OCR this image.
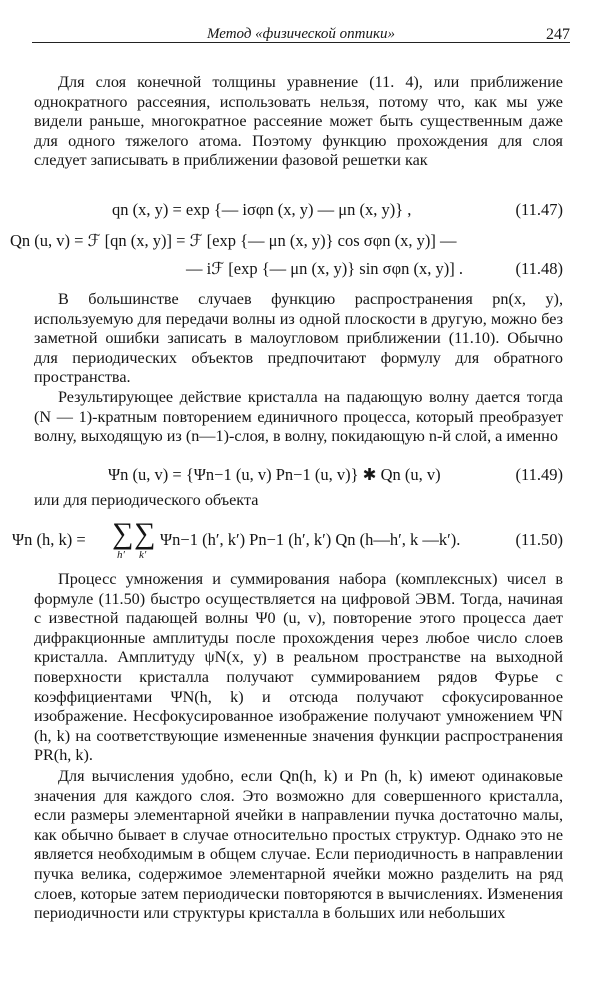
Метод «физической оптики»	247

Для слоя конечной толщины уравнение (11. 4), или приближение однократного рассеяния, использовать нельзя, потому что, как мы уже видели раньше, многократное рассеяние может быть существенным даже для одного тяжелого атома. Поэтому функцию прохождения для слоя следует записывать в приближении фазовой решетки как

qn (x, y) = exp {— iσφn (x, y) — μn (x, y)} ,	(11.47)
Qn (u, v) = ℱ [qn (x, y)] = ℱ [exp {— μn (x, y)} cos σφn (x, y)] —
— iℱ [exp {— μn (x, y)} sin σφn (x, y)] .	(11.48)

В большинстве случаев функцию распространения pn(x, y), используемую для передачи волны из одной плоскости в другую, можно без заметной ошибки записать в малоугловом приближении (11.10). Обычно для периодических объектов предпочитают формулу для обратного пространства.

Результирующее действие кристалла на падающую волну дается тогда (N — 1)-кратным повторением единичного процесса, который преобразует волну, выходящую из (n—1)-слоя, в волну, покидающую n-й слой, а именно

Ψn (u, v) = {Ψn−1 (u, v) Pn−1 (u, v)} ✱ Qn (u, v)	(11.49)

или для периодического объекта

Ψn (h, k) = ∑
h′
∑
k′
Ψn−1 (h′, k′) Pn−1 (h′, k′) Qn (h—h′, k —k′).	(11.50)

Процесс умножения и суммирования набора (комплексных) чисел в формуле (11.50) быстро осуществляется на цифровой ЭВМ. Тогда, начиная с известной падающей волны Ψ0 (u, v), повторение этого процесса дает дифракционные амплитуды после прохождения через любое число слоев кристалла. Амплитуду ψN(x, y) в реальном пространстве на выходной поверхности кристалла получают суммированием рядов Фурье с коэффициентами ΨN(h, k) и отсюда получают сфокусированное изображение. Несфокусированное изображение получают умножением ΨN (h, k) на соответствующие измененные значения функции распространения PR(h, k).

Для вычисления удобно, если Qn(h, k) и Pn (h, k) имеют одинаковые значения для каждого слоя. Это возможно для совершенного кристалла, если размеры элементарной ячейки в направлении пучка достаточно малы, как обычно бывает в случае относительно простых структур. Однако это не является необходимым в общем случае. Если периодичность в направлении пучка велика, содержимое элементарной ячейки можно разделить на ряд слоев, которые затем периодически повторяются в вычислениях. Изменения периодичности или структуры кристалла в больших или небольших
